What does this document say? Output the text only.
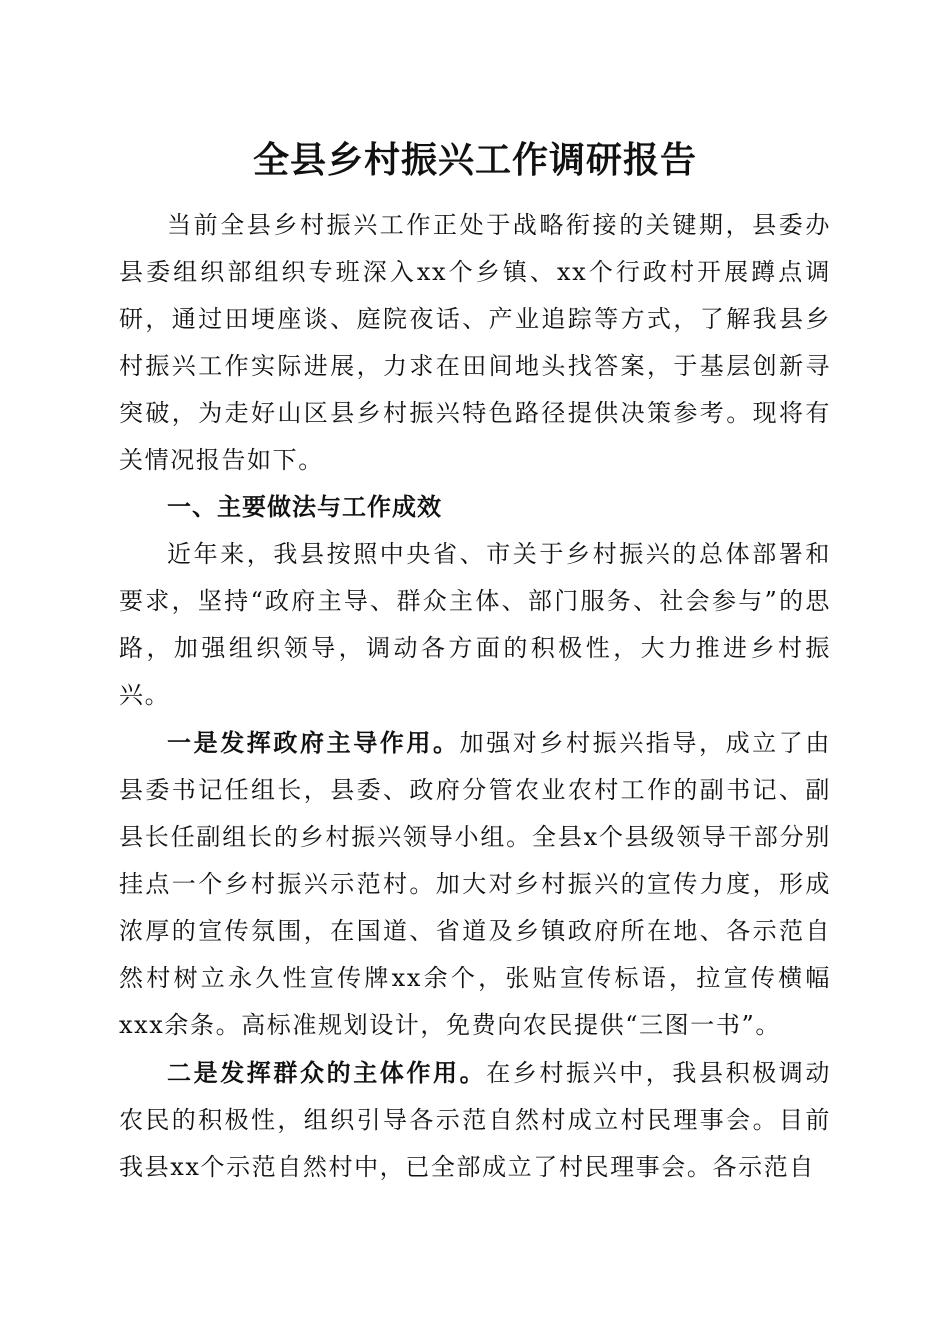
全县乡村振兴工作调研报告

当前全县乡村振兴工作正处于战略衔接的关键期，县委办县委组织部组织专班深入xx个乡镇、xx个行政村开展蹲点调研，通过田埂座谈、庭院夜话、产业追踪等方式，了解我县乡村振兴工作实际进展，力求在田间地头找答案，于基层创新寻突破，为走好山区县乡村振兴特色路径提供决策参考。现将有关情况报告如下。

一、主要做法与工作成效

近年来，我县按照中央省、市关于乡村振兴的总体部署和要求，坚持“政府主导、群众主体、部门服务、社会参与”的思路，加强组织领导，调动各方面的积极性，大力推进乡村振兴。

一是发挥政府主导作用。加强对乡村振兴指导，成立了由县委书记任组长，县委、政府分管农业农村工作的副书记、副县长任副组长的乡村振兴领导小组。全县x个县级领导干部分别挂点一个乡村振兴示范村。加大对乡村振兴的宣传力度，形成浓厚的宣传氛围，在国道、省道及乡镇政府所在地、各示范自然村树立永久性宣传牌xx余个，张贴宣传标语，拉宣传横幅xxx余条。高标准规划设计，免费向农民提供“三图一书”。

二是发挥群众的主体作用。在乡村振兴中，我县积极调动农民的积极性，组织引导各示范自然村成立村民理事会。目前我县xx个示范自然村中，已全部成立了村民理事会。各示范自
